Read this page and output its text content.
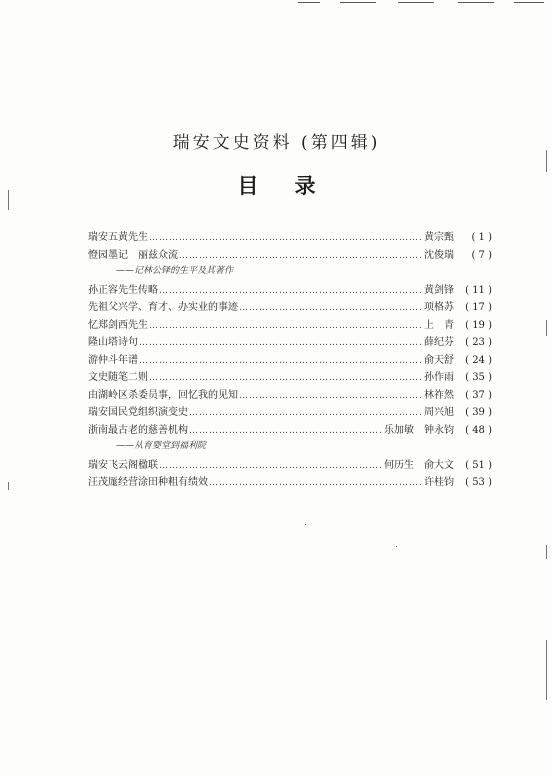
瑞安文史资料 (第四辑)
目 录
瑞安五黄先生 ……………………………………………………………………………………………………………………	黄宗甄	( 1 )
憕园墨记　丽兹众流 ……………………………………………………………………………………………………………………	沈俊瑞	( 7 )
——记林公铎的生平及其著作
孙正容先生传略 ……………………………………………………………………………………………………………………	黄剑锋	( 11 )
先祖父兴学、育才、办实业的事迹 ……………………………………………………………………………………………………………………	项格苏	( 17 )
忆郑剑西先生 ……………………………………………………………………………………………………………………	上　青	( 19 )
隆山塔诗句 ……………………………………………………………………………………………………………………	薛纪芬	( 23 )
游仲斗年谱 ……………………………………………………………………………………………………………………	俞天舒	( 24 )
文史随笔二则 ……………………………………………………………………………………………………………………	孙作雨	( 35 )
由湖岭区杀委员事，回忆我的见知 ……………………………………………………………………………………………………………………	林祚然	( 37 )
瑞安国民党组织演变史 ……………………………………………………………………………………………………………………	周兴旭	( 39 )
浙南最古老的慈善机构 ……………………………………………………………………………………………………………………	乐加敏　钟永钧	( 48 )
——从育婴堂到福利院
瑞安飞云阁楹联 ……………………………………………………………………………………………………………………	何历生　俞大文	( 51 )
汪茂厖经营涂田种粗有绩效 ……………………………………………………………………………………………………………………	许桂钧	( 53 )
